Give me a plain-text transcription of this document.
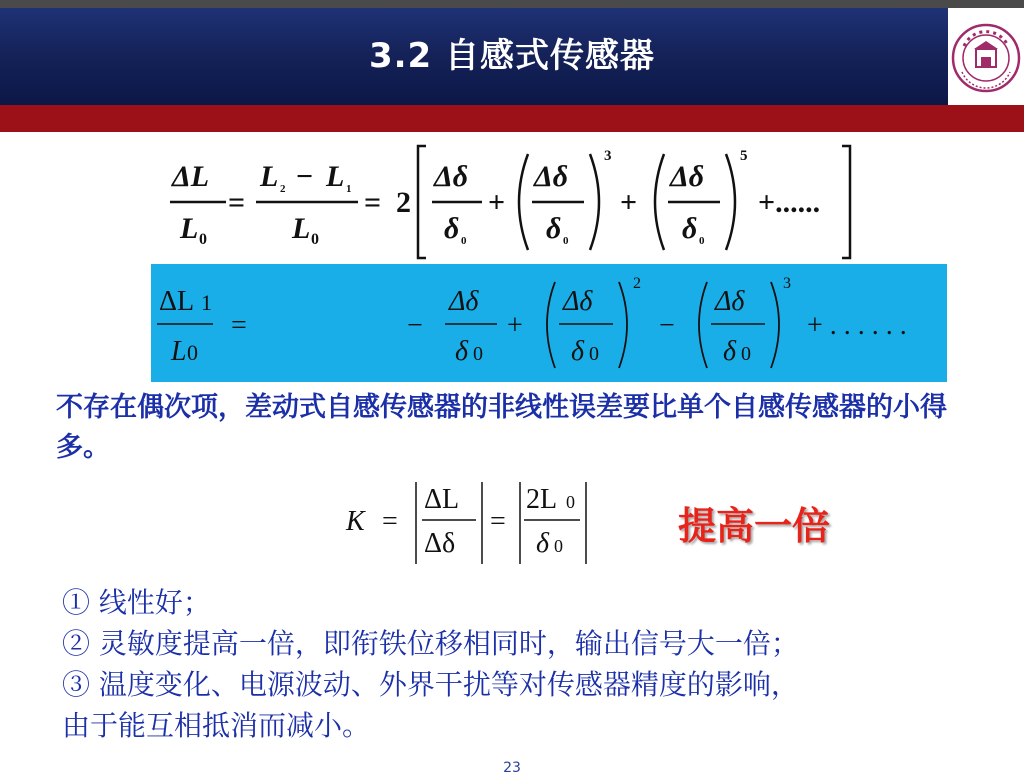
3.2 自感式传感器
ΔL
L 0
=
L 2 − L 1
L 0
= 2
Δδ
δ 0
+
Δδ
δ 0
3
+
Δδ
δ 0
5
+......
ΔL 1
L 0
=	−
Δδ
δ 0
+
Δδ
δ 0
2
−
Δδ
δ 0
3
+ . . . . . .
不存在偶次项，差动式自感传感器的非线性误差要比单个自感传感器的小得多。
K =
ΔL
Δδ
=
2L 0
δ 0	提高一倍
① 线性好；
② 灵敏度提高一倍，即衔铁位移相同时，输出信号大一倍；
③ 温度变化、电源波动、外界干扰等对传感器精度的影响，
由于能互相抵消而减小。
23
